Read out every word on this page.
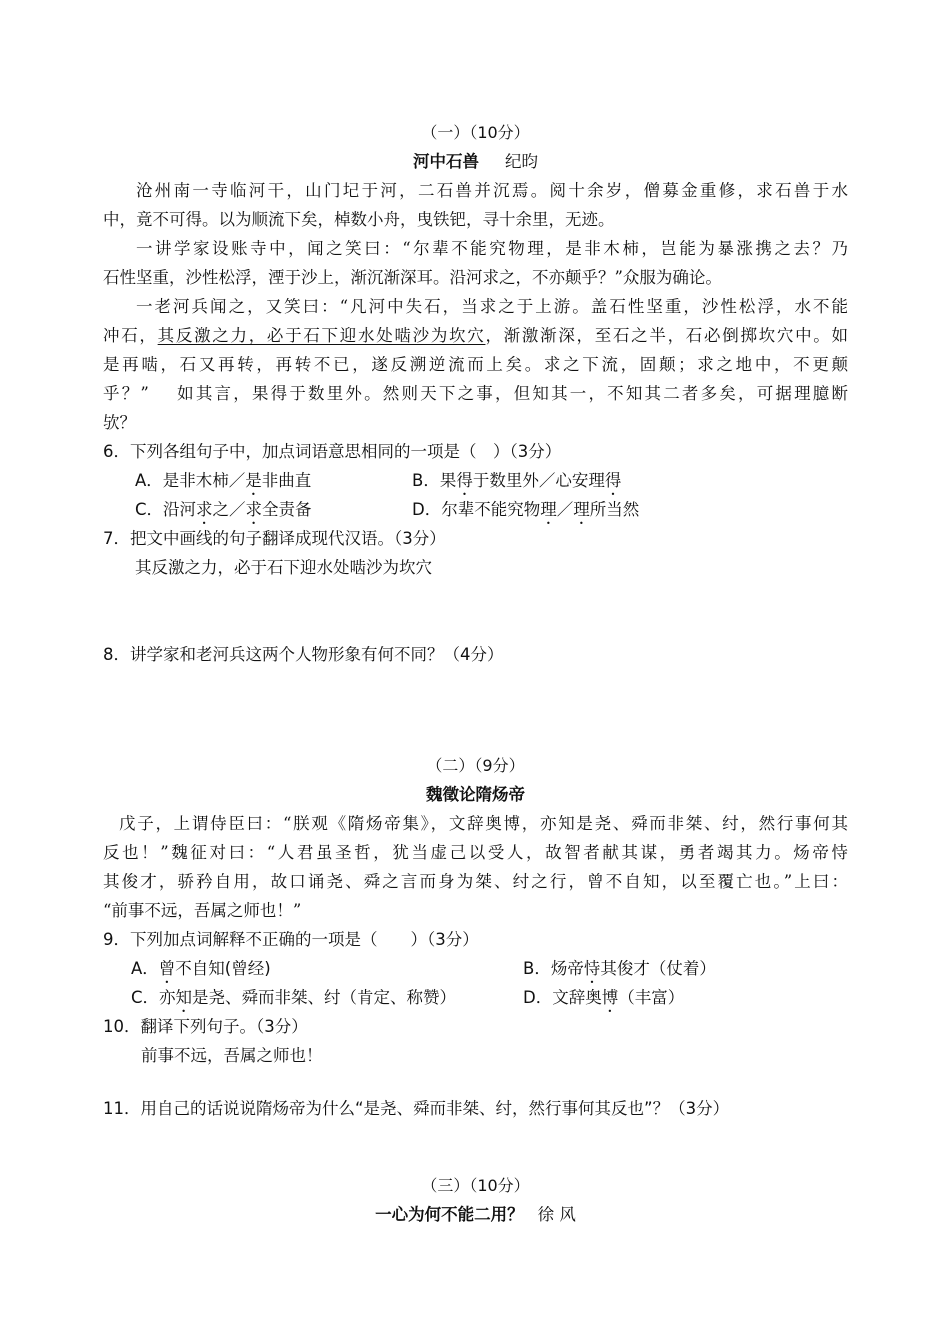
（一）（10分）
河中石兽 纪昀
沧州南一寺临河干，山门圮于河，二石兽并沉焉。阅十余岁，僧募金重修，求石兽于水
中，竟不可得。以为顺流下矣，棹数小舟，曳铁钯，寻十余里，无迹。
一讲学家设账寺中，闻之笑曰：“尔辈不能究物理，是非木柿，岂能为暴涨携之去？乃
石性坚重，沙性松浮，湮于沙上，渐沉渐深耳。沿河求之，不亦颠乎？”众服为确论。
一老河兵闻之，又笑曰：“凡河中失石，当求之于上游。盖石性坚重，沙性松浮，水不能
冲石，其反激之力，必于石下迎水处啮沙为坎穴，渐激渐深，至石之半，石必倒掷坎穴中。如
是再啮，石又再转，再转不已，遂反溯逆流而上矣。求之下流，固颠；求之地中，不更颠
乎？”　 如其言，果得于数里外。然则天下之事，但知其一，不知其二者多矣，可据理臆断
欤？
6．下列各组句子中，加点词语意思相同的一项是（　）（3分）
A．是非木柿／是非曲直	B．果得于数里外／心安理得
C．沿河求之／求全责备	D．尔辈不能究物理／理所当然
7．把文中画线的句子翻译成现代汉语。（3分）
其反激之力，必于石下迎水处啮沙为坎穴
8．讲学家和老河兵这两个人物形象有何不同？（4分）
（二）（9分）
魏徵论隋炀帝
戊子，上谓侍臣曰：“朕观《隋炀帝集》，文辞奥博，亦知是尧、舜而非桀、纣，然行事何其
反也！”魏征对曰：“人君虽圣哲，犹当虚己以受人，故智者献其谋，勇者竭其力。炀帝恃
其俊才，骄矜自用，故口诵尧、舜之言而身为桀、纣之行，曾不自知，以至覆亡也。”上曰：
“前事不远，吾属之师也！”
9．下列加点词解释不正确的一项是（　　）（3分）
A．曾不自知(曾经)	B．炀帝恃其俊才（仗着）
C．亦知是尧、舜而非桀、纣（肯定、称赞）	D．文辞奥博（丰富）
10．翻译下列句子。（3分）
前事不远，吾属之师也！
11．用自己的话说说隋炀帝为什么“是尧、舜而非桀、纣，然行事何其反也”？（3分）
（三）（10分）
一心为何不能二用？ 徐 风
